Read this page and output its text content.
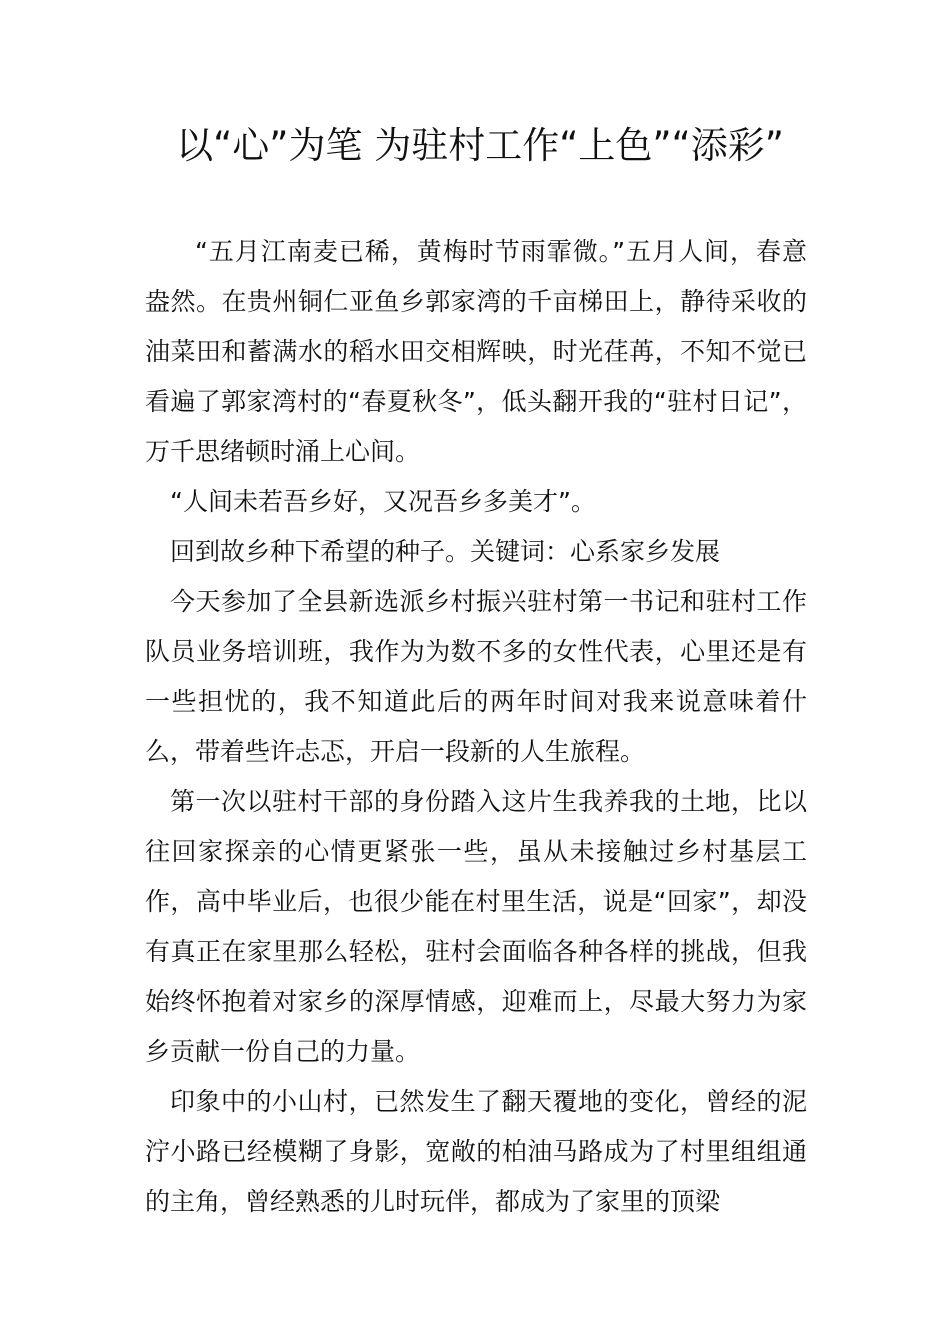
以“心”为笔 为驻村工作“上色”“添彩”

“五月江南麦已稀，黄梅时节雨霏微。”五月人间，春意盎然。在贵州铜仁亚鱼乡郭家湾的千亩梯田上，静待采收的油菜田和蓄满水的稻水田交相辉映，时光荏苒，不知不觉已看遍了郭家湾村的“春夏秋冬”，低头翻开我的“驻村日记”，万千思绪顿时涌上心间。

“人间未若吾乡好，又况吾乡多美才”。

回到故乡种下希望的种子。关键词：心系家乡发展

今天参加了全县新选派乡村振兴驻村第一书记和驻村工作队员业务培训班，我作为为数不多的女性代表，心里还是有一些担忧的，我不知道此后的两年时间对我来说意味着什么，带着些许忐忑，开启一段新的人生旅程。

第一次以驻村干部的身份踏入这片生我养我的土地，比以往回家探亲的心情更紧张一些，虽从未接触过乡村基层工作，高中毕业后，也很少能在村里生活，说是“回家”，却没有真正在家里那么轻松，驻村会面临各种各样的挑战，但我始终怀抱着对家乡的深厚情感，迎难而上，尽最大努力为家乡贡献一份自己的力量。

印象中的小山村，已然发生了翻天覆地的变化，曾经的泥泞小路已经模糊了身影，宽敞的柏油马路成为了村里组组通的主角，曾经熟悉的儿时玩伴，都成为了家里的顶梁
